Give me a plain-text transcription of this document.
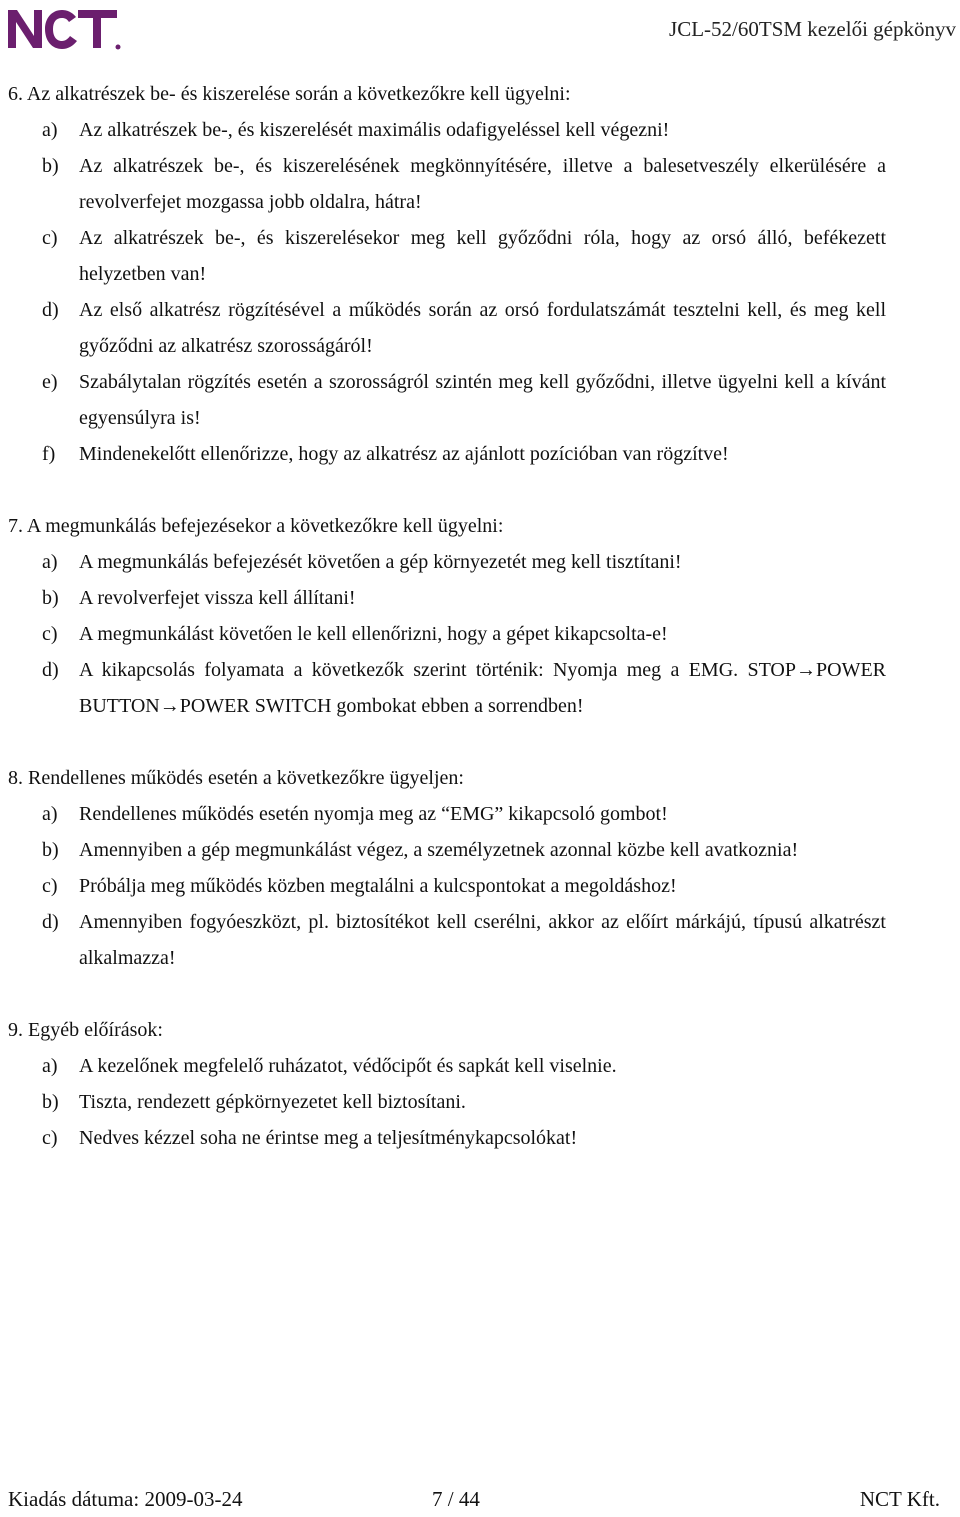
JCL-52/60TSM kezelői gépkönyv
6. Az alkatrészek be- és kiszerelése során a következőkre kell ügyelni:
a) Az alkatrészek be-, és kiszerelését maximális odafigyeléssel kell végezni!
b) Az alkatrészek be-, és kiszerelésének megkönnyítésére, illetve a balesetveszély elkerülésére a revolverfejet mozgassa jobb oldalra, hátra!
c) Az alkatrészek be-, és kiszerelésekor meg kell győződni róla, hogy az orsó álló, befékezett helyzetben van!
d) Az első alkatrész rögzítésével a működés során az orsó fordulatszámát tesztelni kell, és meg kell győződni az alkatrész szorosságáról!
e) Szabálytalan rögzítés esetén a szorosságról szintén meg kell győződni, illetve ügyelni kell a kívánt egyensúlyra is!
f) Mindenekelőtt ellenőrizze, hogy az alkatrész az ajánlott pozícióban van rögzítve!
7. A megmunkálás befejezésekor a következőkre kell ügyelni:
a) A megmunkálás befejezését követően a gép környezetét meg kell tisztítani!
b) A revolverfejet vissza kell állítani!
c) A megmunkálást követően le kell ellenőrizni, hogy a gépet kikapcsolta-e!
d) A kikapcsolás folyamata a következők szerint történik: Nyomja meg a EMG. STOP→POWER BUTTON→POWER SWITCH gombokat ebben a sorrendben!
8. Rendellenes működés esetén a következőkre ügyeljen:
a) Rendellenes működés esetén nyomja meg az “EMG” kikapcsoló gombot!
b) Amennyiben a gép megmunkálást végez, a személyzetnek azonnal közbe kell avatkoznia!
c) Próbálja meg működés közben megtalálni a kulcspontokat a megoldáshoz!
d) Amennyiben fogyóeszközt, pl. biztosítékot kell cserélni, akkor az előírt márkájú, típusú alkatrészt alkalmazza!
9. Egyéb előírások:
a) A kezelőnek megfelelő ruházatot, védőcipőt és sapkát kell viselnie.
b) Tiszta, rendezett gépkörnyezetet kell biztosítani.
c) Nedves kézzel soha ne érintse meg a teljesítménykapcsolókat!
Kiadás dátuma: 2009-03-24	7 / 44	NCT Kft.
